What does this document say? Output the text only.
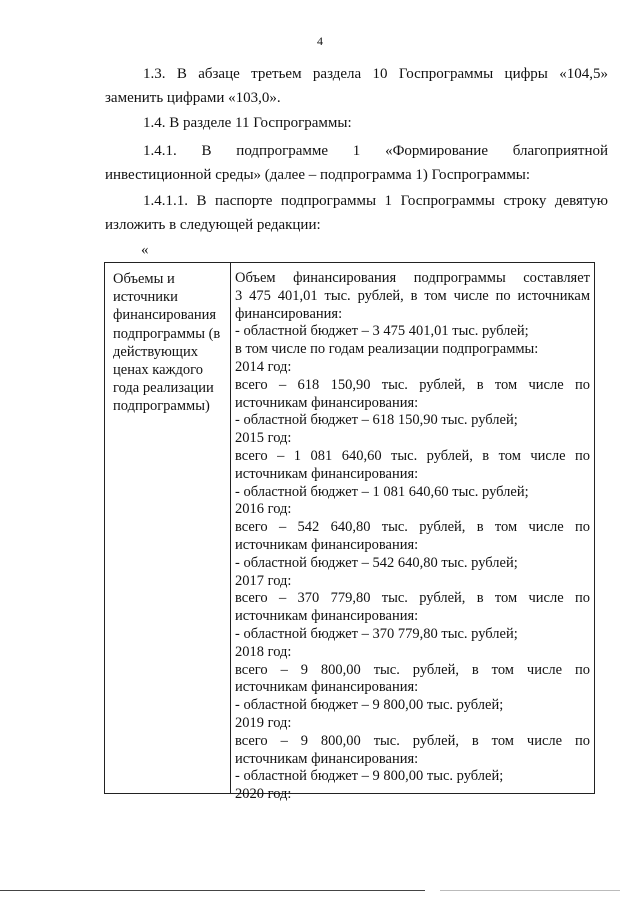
4
1.3. В абзаце третьем раздела 10 Госпрограммы цифры «104,5» заменить цифрами «103,0».
1.4. В разделе 11 Госпрограммы:
1.4.1. В подпрограмме 1 «Формирование благоприятной инвестиционной среды» (далее – подпрограмма 1) Госпрограммы:
1.4.1.1. В паспорте подпрограммы 1 Госпрограммы строку девятую изложить в следующей редакции:
«
Объемы и источники финансирования подпрограммы (в действующих ценах каждого года реализации подпрограммы)
Объем финансирования подпрограммы составляет
3 475 401,01 тыс. рублей, в том числе по источникам
финансирования:
- областной бюджет – 3 475 401,01 тыс. рублей;
в том числе по годам реализации подпрограммы:
2014 год:
всего – 618 150,90 тыс. рублей, в том числе по
источникам финансирования:
- областной бюджет – 618 150,90 тыс. рублей;
2015 год:
всего – 1 081 640,60 тыс. рублей, в том числе по
источникам финансирования:
- областной бюджет – 1 081 640,60 тыс. рублей;
2016 год:
всего – 542 640,80 тыс. рублей, в том числе по
источникам финансирования:
- областной бюджет – 542 640,80 тыс. рублей;
2017 год:
всего – 370 779,80 тыс. рублей, в том числе по
источникам финансирования:
- областной бюджет – 370 779,80 тыс. рублей;
2018 год:
всего – 9 800,00 тыс. рублей, в том числе по
источникам финансирования:
- областной бюджет – 9 800,00 тыс. рублей;
2019 год:
всего – 9 800,00 тыс. рублей, в том числе по
источникам финансирования:
- областной бюджет – 9 800,00 тыс. рублей;
2020 год:
